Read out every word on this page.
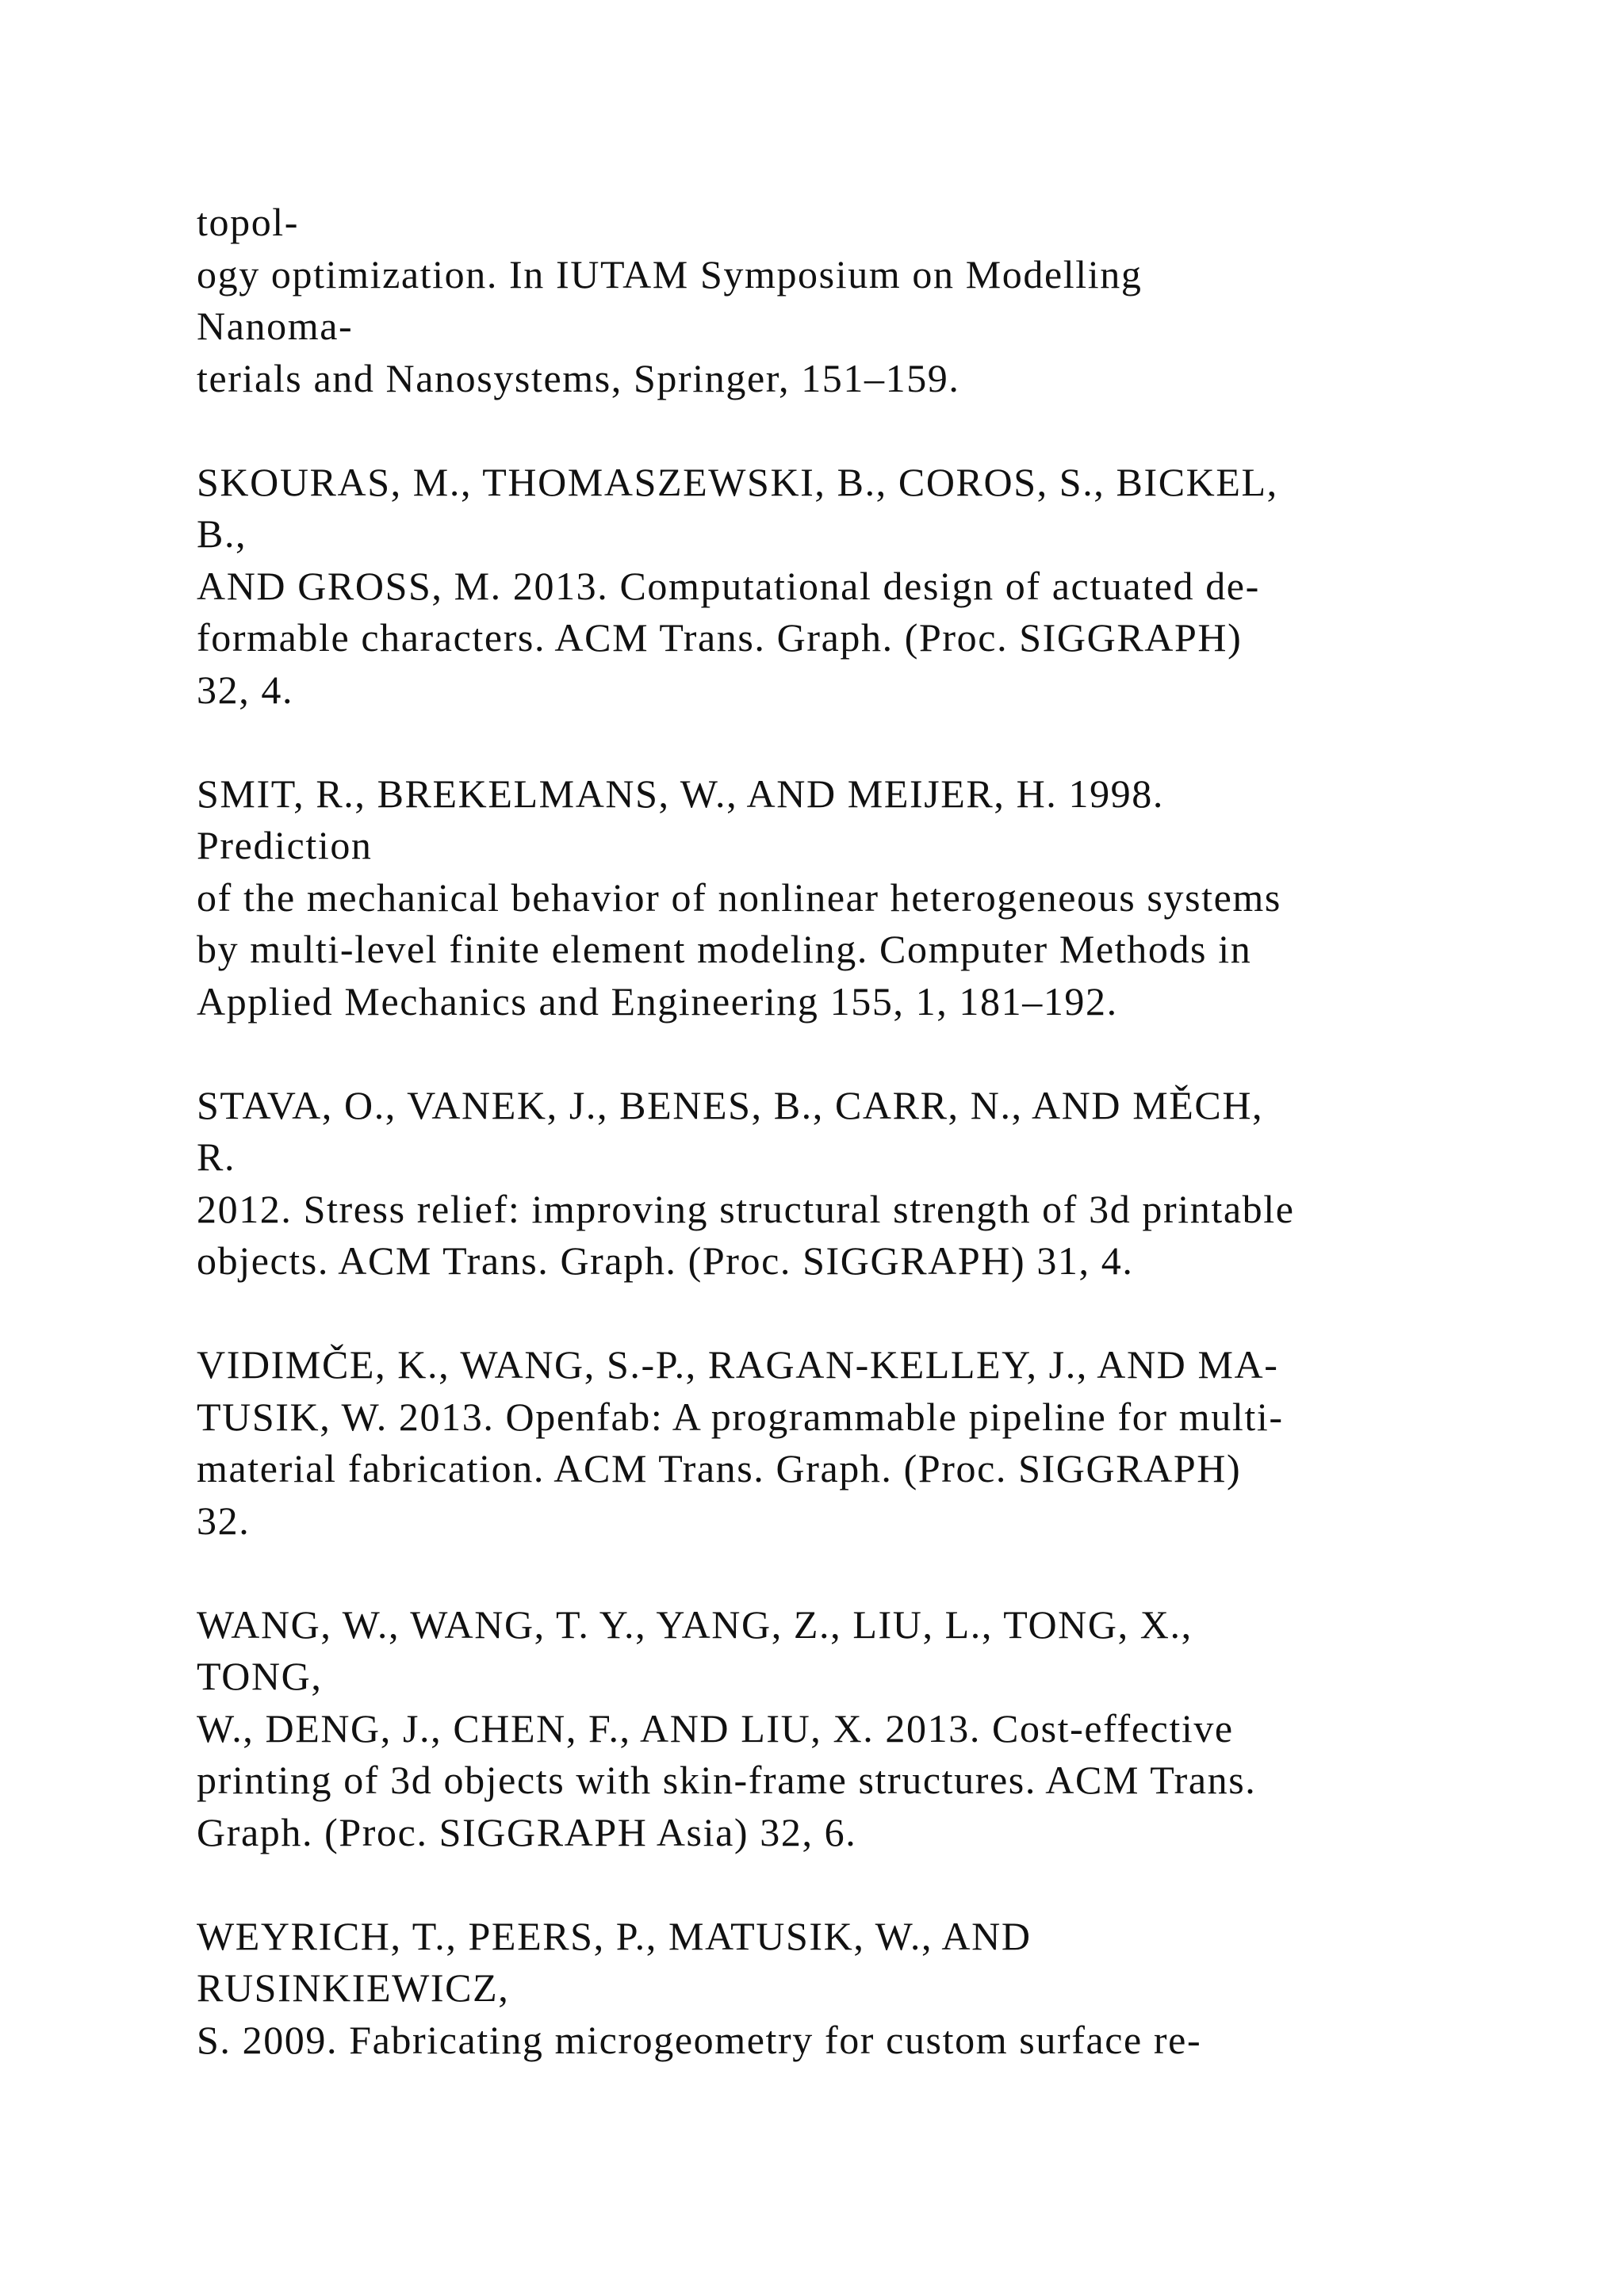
topol-
ogy optimization. In IUTAM Symposium on Modelling
Nanoma-
terials and Nanosystems, Springer, 151–159.
SKOURAS, M., THOMASZEWSKI, B., COROS, S., BICKEL,
B.,
AND GROSS, M. 2013. Computational design of actuated de-
formable characters. ACM Trans. Graph. (Proc. SIGGRAPH)
32, 4.
SMIT, R., BREKELMANS, W., AND MEIJER, H. 1998.
Prediction
of the mechanical behavior of nonlinear heterogeneous systems
by multi-level finite element modeling. Computer Methods in
Applied Mechanics and Engineering 155, 1, 181–192.
STAVA, O., VANEK, J., BENES, B., CARR, N., AND MĚCH,
R.
2012. Stress relief: improving structural strength of 3d printable
objects. ACM Trans. Graph. (Proc. SIGGRAPH) 31, 4.
VIDIMČE, K., WANG, S.-P., RAGAN-KELLEY, J., AND MA-
TUSIK, W. 2013. Openfab: A programmable pipeline for multi-
material fabrication. ACM Trans. Graph. (Proc. SIGGRAPH)
32.
WANG, W., WANG, T. Y., YANG, Z., LIU, L., TONG, X.,
TONG,
W., DENG, J., CHEN, F., AND LIU, X. 2013. Cost-effective
printing of 3d objects with skin-frame structures. ACM Trans.
Graph. (Proc. SIGGRAPH Asia) 32, 6.
WEYRICH, T., PEERS, P., MATUSIK, W., AND
RUSINKIEWICZ,
S. 2009. Fabricating microgeometry for custom surface re-
